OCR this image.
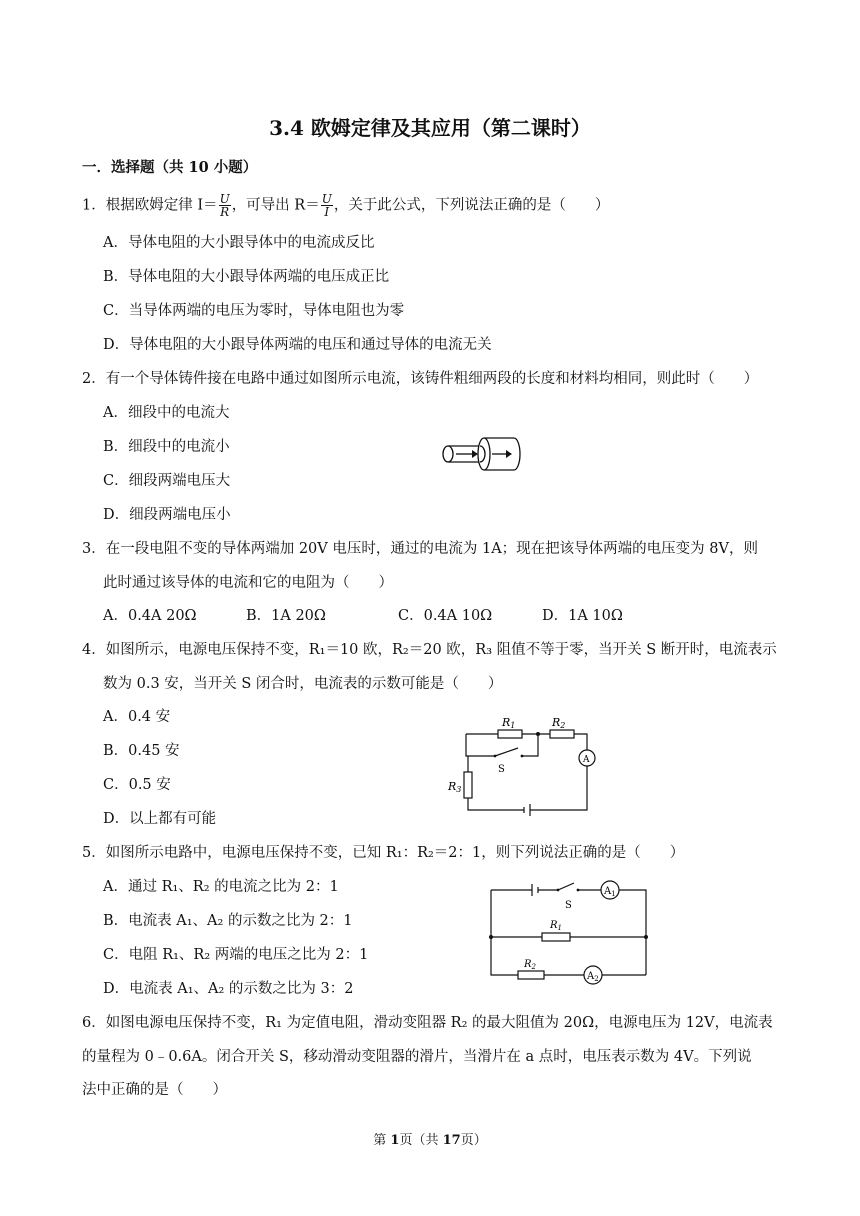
3.4 欧姆定律及其应用（第二课时）
一．选择题（共 10 小题）
1．根据欧姆定律 $I= \frac{U}{R}$ ，可导出 $R= \frac{U}{I}$ ，关于此公式，下列说法正确的是（　　）
A．导体电阻的大小跟导体中的电流成反比
B．导体电阻的大小跟导体两端的电压成正比
C．当导体两端的电压为零时，导体电阻也为零
D．导体电阻的大小跟导体两端的电压和通过导体的电流无关
2．有一个导体铸件接在电路中通过如图所示电流，该铸件粗细两段的长度和材料均相同，则此时（　　）
A．细段中的电流大
B．细段中的电流小
C．细段两端电压大
D．细段两端电压小
3．在一段电阻不变的导体两端加 20V 电压时，通过的电流为 1A；现在把该导体两端的电压变为 8V，则
此时通过该导体的电流和它的电阻为（　　）
A．0.4A 20Ω	B．1A 20Ω	C．0.4A 10Ω	D．1A 10Ω
4．如图所示，电源电压保持不变，R₁＝10 欧，R₂＝20 欧，R₃ 阻值不等于零，当开关 S 断开时，电流表示
数为 0.3 安，当开关 S 闭合时，电流表的示数可能是（　　）
A．0.4 安
B．0.45 安
C．0.5 安
D．以上都有可能
R1	R2
R3
S
A
5．如图所示电路中，电源电压保持不变，已知 R₁：R₂＝2：1，则下列说法正确的是（　　）
A．通过 R₁、R₂ 的电流之比为 2：1
B．电流表 A₁、A₂ 的示数之比为 2：1
C．电阻 R₁、R₂ 两端的电压之比为 2：1
D．电流表 A₁、A₂ 的示数之比为 3：2
S
$A_1$
$A_2$
$R_1$
$R_2$
6．如图电源电压保持不变，R₁ 为定值电阻，滑动变阻器 R₂ 的最大阻值为 20Ω，电源电压为 12V，电流表
的量程为 0﹣0.6A。闭合开关 S，移动滑动变阻器的滑片，当滑片在 a 点时，电压表示数为 4V。下列说
法中正确的是（　　）
第 1页（共 17页）
